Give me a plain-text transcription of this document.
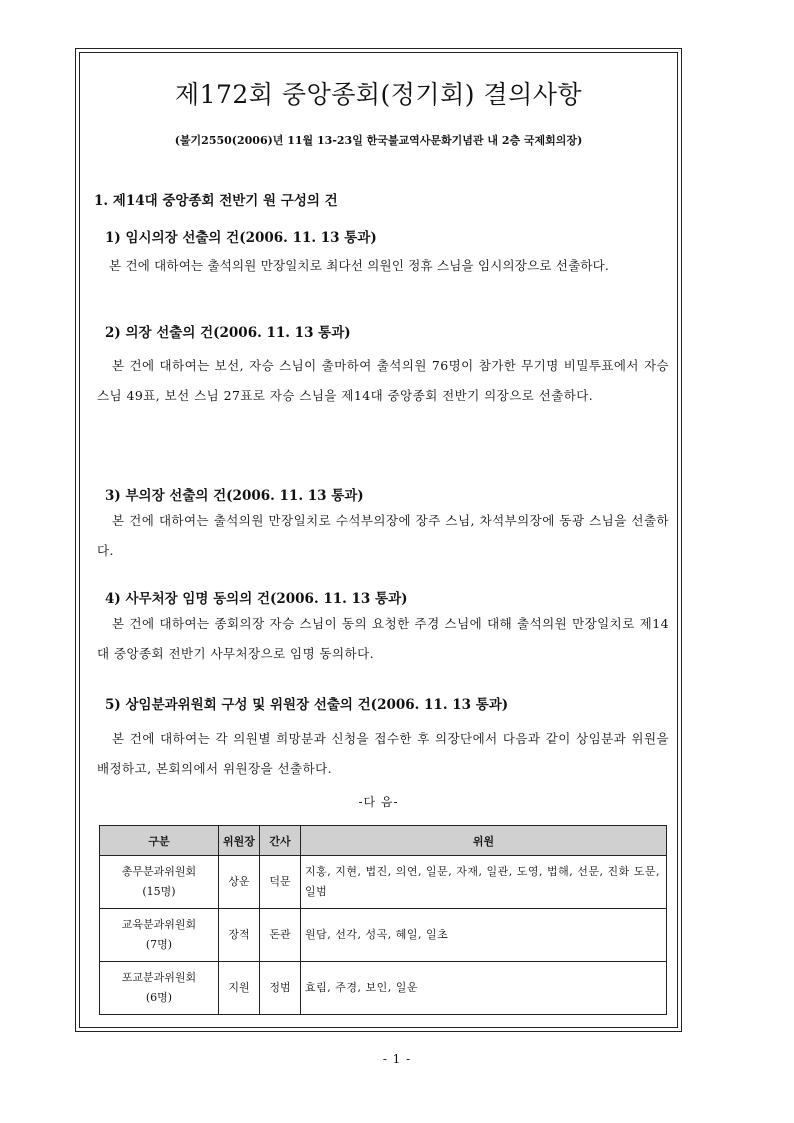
제172회 중앙종회(정기회) 결의사항
(불기2550(2006)년 11월 13-23일 한국불교역사문화기념관 내 2층 국제회의장)
1. 제14대 중앙종회 전반기 원 구성의 건
1) 임시의장 선출의 건(2006. 11. 13 통과)
본 건에 대하여는 출석의원 만장일치로 최다선 의원인 정휴 스님을 임시의장으로 선출하다.
2) 의장 선출의 건(2006. 11. 13 통과)
본 건에 대하여는 보선, 자승 스님이 출마하여 출석의원 76명이 참가한 무기명 비밀투표에서 자승 스님 49표, 보선 스님 27표로 자승 스님을 제14대 중앙종회 전반기 의장으로 선출하다.
3) 부의장 선출의 건(2006. 11. 13 통과)
본 건에 대하여는 출석의원 만장일치로 수석부의장에 장주 스님, 차석부의장에 동광 스님을 선출하다.
4) 사무처장 임명 동의의 건(2006. 11. 13 통과)
본 건에 대하여는 종회의장 자승 스님이 동의 요청한 주경 스님에 대해 출석의원 만장일치로 제14대 중앙종회 전반기 사무처장으로 임명 동의하다.
5) 상임분과위원회 구성 및 위원장 선출의 건(2006. 11. 13 통과)
본 건에 대하여는 각 의원별 희망분과 신청을 접수한 후 의장단에서 다음과 같이 상임분과 위원을 배정하고, 본회의에서 위원장을 선출하다.
-다 음-
구분	위원장	간사	위원

총무분과위원회
(15명)	상운	덕문	지홍, 지현, 법진, 의연, 일문, 자재, 일관, 도영, 법해, 선문, 진화 도문, 일범

교육분과위원회
(7명)	장적	돈관	원담, 선각, 성곡, 혜일, 일초

포교분과위원회
(6명)	지원	정범	효림, 주경, 보인, 일운
- 1 -
